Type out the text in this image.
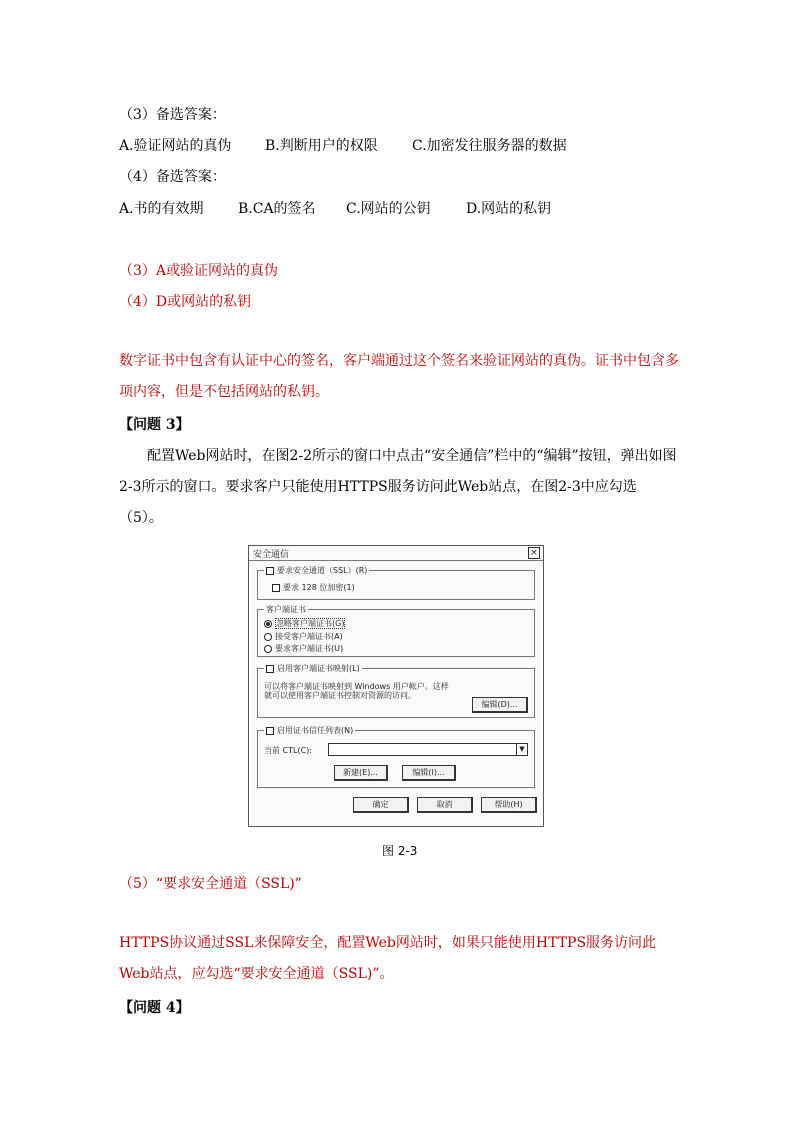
（3）备选答案：
A.验证网站的真伪 B.判断用户的权限 C.加密发往服务器的数据
（4）备选答案：
A.书的有效期 B.CA的签名 C.网站的公钥	D.网站的私钥
（3）A或验证网站的真伪
（4）D或网站的私钥
数字证书中包含有认证中心的签名，客户端通过这个签名来验证网站的真伪。证书中包含多项内容，但是不包括网站的私钥。
【问题 3】
配置Web网站时，在图2-2所示的窗口中点击“安全通信”栏中的“编辑”按钮，弹出如图2-3所示的窗口。要求客户只能使用HTTPS服务访问此Web站点，在图2-3中应勾选（5）。
安全通信	×
要求安全通道（SSL）(R)
要求 128 位加密(1)
客户端证书
忽略客户端证书(G)
接受客户端证书(A)
要求客户端证书(U)
启用客户端证书映射(L)
可以将客户端证书映射到 Windows 用户帐户。这样
就可以使用客户端证书控制对资源的访问。
编辑(D)...
启用证书信任列表(N)
当前 CTL(C):	▼
新建(E)...	编辑(I)...
确定	取消	帮助(H)
图 2-3
（5）“要求安全通道（SSL)”
HTTPS协议通过SSL来保障安全，配置Web网站时，如果只能使用HTTPS服务访问此Web站点，应勾选“要求安全通道（SSL)”。
【问题 4】
